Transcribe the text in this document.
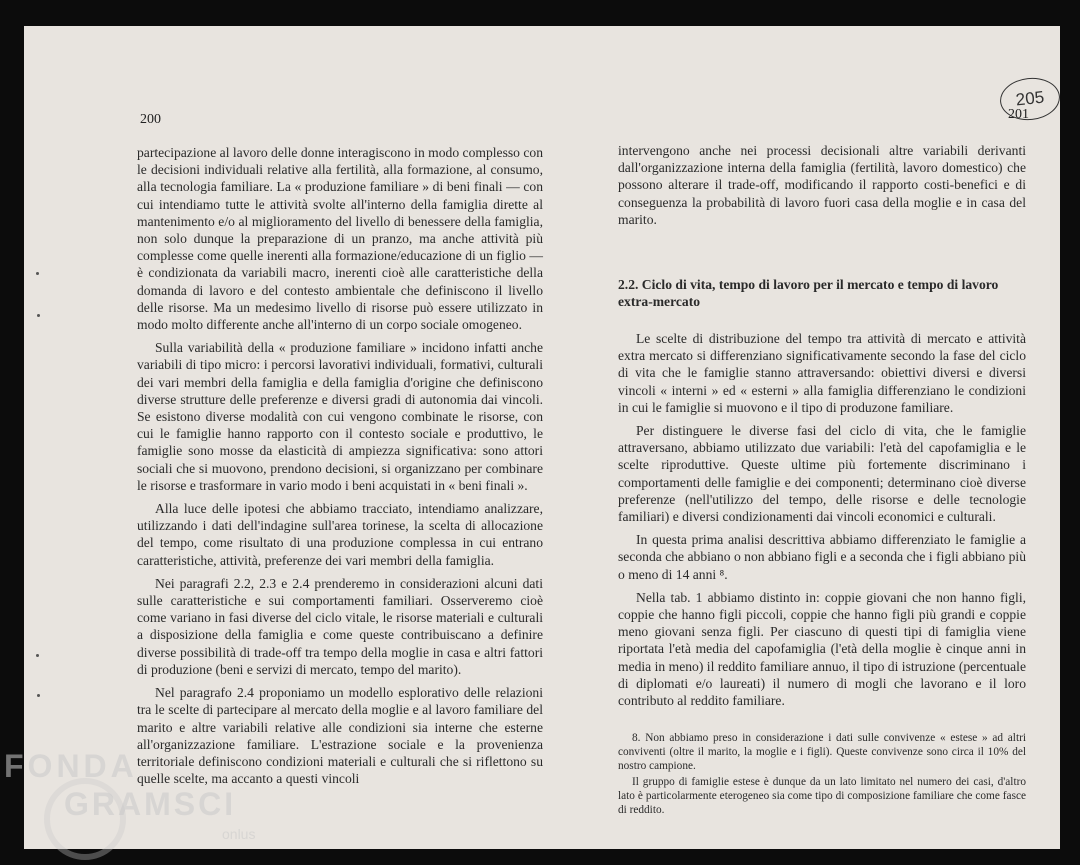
200	201
205

partecipazione al lavoro delle donne interagiscono in modo complesso con le decisioni individuali relative alla fertilità, alla formazione, al consumo, alla tecnologia familiare. La « produzione familiare » di beni finali — con cui intendiamo tutte le attività svolte all'interno della famiglia dirette al mantenimento e/o al miglioramento del livello di benessere della famiglia, non solo dunque la preparazione di un pranzo, ma anche attività più complesse come quelle inerenti alla formazione/educazione di un figlio — è condizionata da variabili macro, inerenti cioè alle caratteristiche della domanda di lavoro e del contesto ambientale che definiscono il livello delle risorse. Ma un medesimo livello di risorse può essere utilizzato in modo molto differente anche all'interno di un corpo sociale omogeneo.

Sulla variabilità della « produzione familiare » incidono infatti anche variabili di tipo micro: i percorsi lavorativi individuali, formativi, culturali dei vari membri della famiglia e della famiglia d'origine che definiscono diverse strutture delle preferenze e diversi gradi di autonomia dai vincoli. Se esistono diverse modalità con cui vengono combinate le risorse, con cui le famiglie hanno rapporto con il contesto sociale e produttivo, le famiglie sono mosse da elasticità di ampiezza significativa: sono attori sociali che si muovono, prendono decisioni, si organizzano per combinare le risorse e trasformare in vario modo i beni acquistati in « beni finali ».

Alla luce delle ipotesi che abbiamo tracciato, intendiamo analizzare, utilizzando i dati dell'indagine sull'area torinese, la scelta di allocazione del tempo, come risultato di una produzione complessa in cui entrano caratteristiche, attività, preferenze dei vari membri della famiglia.

Nei paragrafi 2.2, 2.3 e 2.4 prenderemo in considerazioni alcuni dati sulle caratteristiche e sui comportamenti familiari. Osserveremo cioè come variano in fasi diverse del ciclo vitale, le risorse materiali e culturali a disposizione della famiglia e come queste contribuiscano a definire diverse possibilità di trade-off tra tempo della moglie in casa e altri fattori di produzione (beni e servizi di mercato, tempo del marito).

Nel paragrafo 2.4 proponiamo un modello esplorativo delle relazioni tra le scelte di partecipare al mercato della moglie e al lavoro familiare del marito e altre variabili relative alle condizioni sia interne che esterne all'organizzazione familiare. L'estrazione sociale e la provenienza territoriale definiscono condizioni materiali e culturali che si riflettono su quelle scelte, ma accanto a questi vincoli

intervengono anche nei processi decisionali altre variabili derivanti dall'organizzazione interna della famiglia (fertilità, lavoro domestico) che possono alterare il trade-off, modificando il rapporto costi-benefici e di conseguenza la probabilità di lavoro fuori casa della moglie e in casa del marito.

2.2. Ciclo di vita, tempo di lavoro per il mercato e tempo di lavoro extra-mercato

Le scelte di distribuzione del tempo tra attività di mercato e attività extra mercato si differenziano significativamente secondo la fase del ciclo di vita che le famiglie stanno attraversando: obiettivi diversi e diversi vincoli « interni » ed « esterni » alla famiglia differenziano le condizioni in cui le famiglie si muovono e il tipo di produzone familiare.

Per distinguere le diverse fasi del ciclo di vita, che le famiglie attraversano, abbiamo utilizzato due variabili: l'età del capofamiglia e le scelte riproduttive. Queste ultime più fortemente discriminano i comportamenti delle famiglie e dei componenti; determinano cioè diverse preferenze (nell'utilizzo del tempo, delle risorse e delle tecnologie familiari) e diversi condizionamenti dai vincoli economici e culturali.

In questa prima analisi descrittiva abbiamo differenziato le famiglie a seconda che abbiano o non abbiano figli e a seconda che i figli abbiano più o meno di 14 anni ⁸.

Nella tab. 1 abbiamo distinto in: coppie giovani che non hanno figli, coppie che hanno figli piccoli, coppie che hanno figli più grandi e coppie meno giovani senza figli. Per ciascuno di questi tipi di famiglia viene riportata l'età media del capofamiglia (l'età della moglie è cinque anni in media in meno) il reddito familiare annuo, il tipo di istruzione (percentuale di diplomati e/o laureati) il numero di mogli che lavorano e il loro contributo al reddito familiare.

8. Non abbiamo preso in considerazione i dati sulle convivenze « estese » ad altri conviventi (oltre il marito, la moglie e i figli). Queste convivenze sono circa il 10% del nostro campione.

Il gruppo di famiglie estese è dunque da un lato limitato nel numero dei casi, d'altro lato è particolarmente eterogeneo sia come tipo di composizione familiare che come fasce di reddito.

FONDA
GRAMSCI
onlus
